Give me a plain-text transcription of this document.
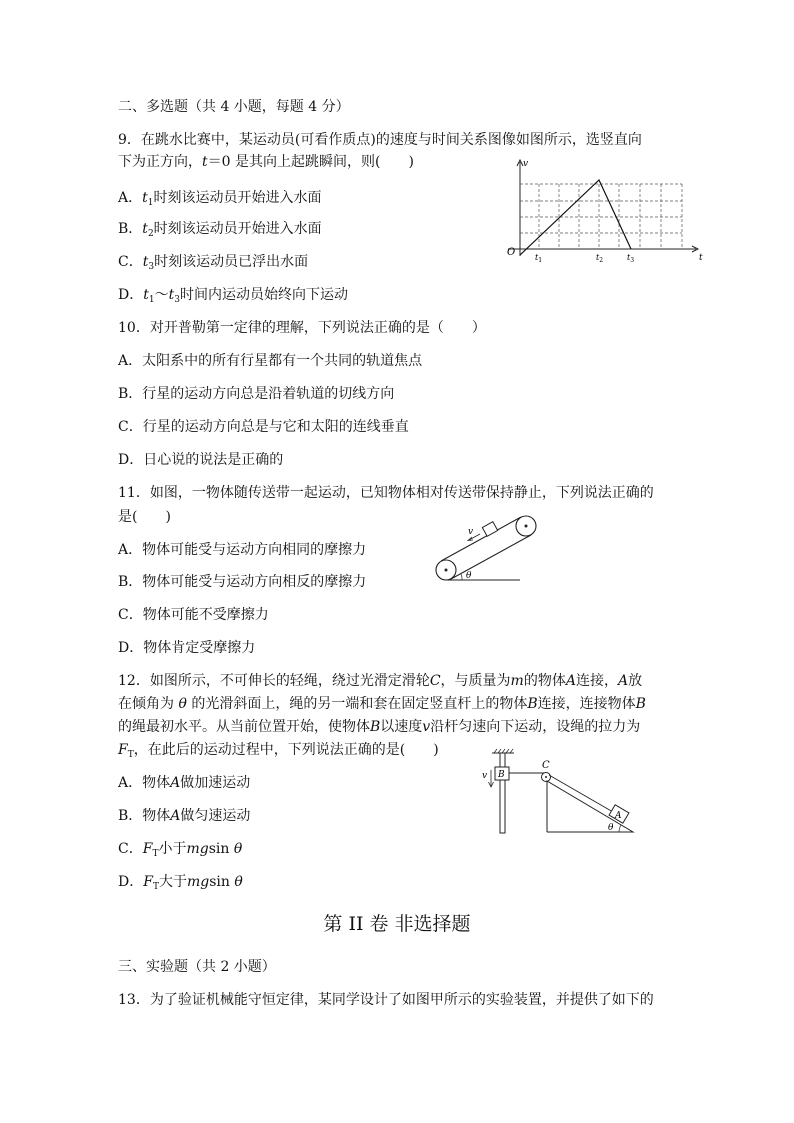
二、多选题（共 4 小题，每题 4 分）
9．在跳水比赛中，某运动员(可看作质点)的速度与时间关系图像如图所示，选竖直向
下为正方向，t＝0 是其向上起跳瞬间，则(　　)
A．$t_1$时刻该运动员开始进入水面
B．$t_2$时刻该运动员开始进入水面
C．$t_3$时刻该运动员已浮出水面
D．$t_1\sim t_3$时间内运动员始终向下运动
v
t
O $t_1$	$t_2$	$t_3$
10．对开普勒第一定律的理解，下列说法正确的是（　　）
A．太阳系中的所有行星都有一个共同的轨道焦点
B．行星的运动方向总是沿着轨道的切线方向
C．行星的运动方向总是与它和太阳的连线垂直
D．日心说的说法是正确的
11．如图，一物体随传送带一起运动，已知物体相对传送带保持静止，下列说法正确的
是(　　)
A．物体可能受与运动方向相同的摩擦力
B．物体可能受与运动方向相反的摩擦力
C．物体可能不受摩擦力
D．物体肯定受摩擦力
v
θ
12．如图所示，不可伸长的轻绳，绕过光滑定滑轮C，与质量为m的物体A连接，A放
在倾角为 θ 的光滑斜面上，绳的另一端和套在固定竖直杆上的物体B连接，连接物体B
的绳最初水平。从当前位置开始，使物体B以速度v沿杆匀速向下运动，设绳的拉力为
$F_T$，在此后的运动过程中，下列说法正确的是(　　)
A．物体A做加速运动
B．物体A做匀速运动
C．$F_T$小于mgsin θ
D．$F_T$大于mgsin θ
B
v
C
A
θ
第 II 卷 非选择题
三、实验题（共 2 小题）
13．为了验证机械能守恒定律，某同学设计了如图甲所示的实验装置，并提供了如下的
